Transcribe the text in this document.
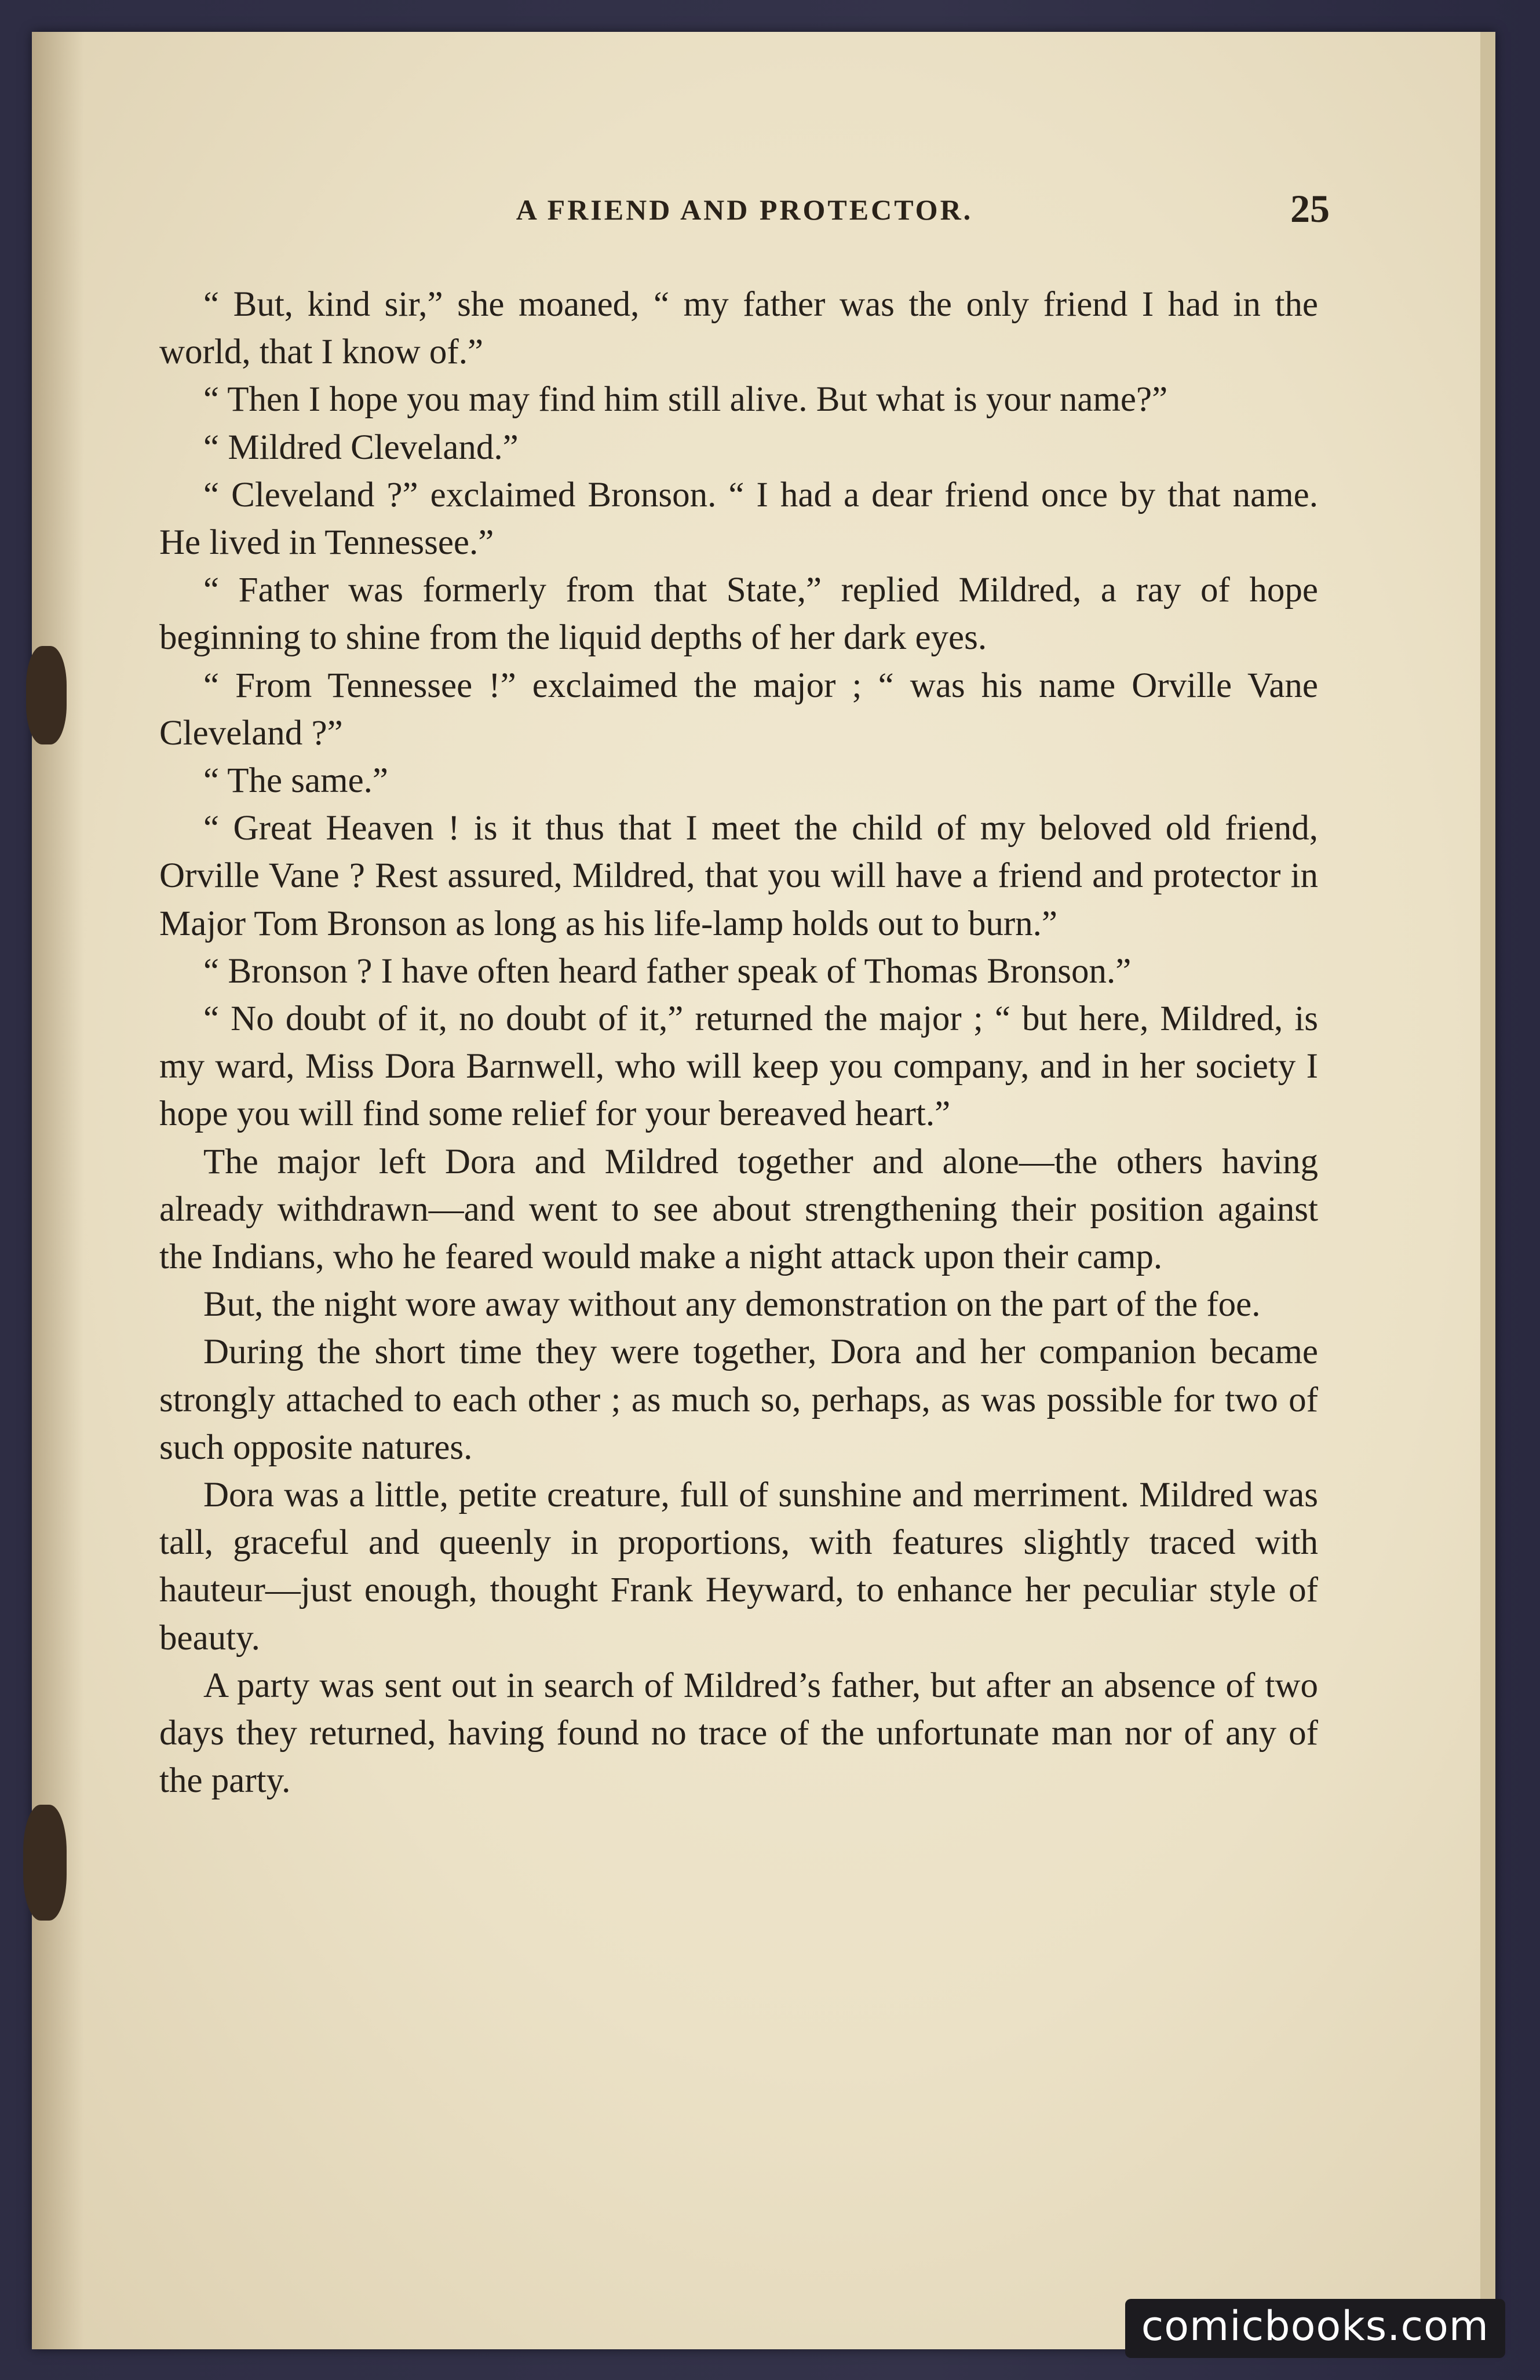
A FRIEND AND PROTECTOR.	25

“ But, kind sir,” she moaned, “ my father was the only friend I had in the world, that I know of.”

“ Then I hope you may find him still alive. But what is your name?”

“ Mildred Cleveland.”

“ Cleveland ?” exclaimed Bronson. “ I had a dear friend once by that name. He lived in Tennessee.”

“ Father was formerly from that State,” replied Mildred, a ray of hope beginning to shine from the liquid depths of her dark eyes.

“ From Tennessee !” exclaimed the major ; “ was his name Orville Vane Cleveland ?”

“ The same.”

“ Great Heaven ! is it thus that I meet the child of my beloved old friend, Orville Vane ? Rest assured, Mildred, that you will have a friend and protector in Major Tom Bronson as long as his life-lamp holds out to burn.”

“ Bronson ? I have often heard father speak of Thomas Bronson.”

“ No doubt of it, no doubt of it,” returned the major ; “ but here, Mildred, is my ward, Miss Dora Barnwell, who will keep you company, and in her society I hope you will find some relief for your bereaved heart.”

The major left Dora and Mildred together and alone—the others having already withdrawn—and went to see about strengthening their position against the Indians, who he feared would make a night attack upon their camp.

But, the night wore away without any demonstration on the part of the foe.

During the short time they were together, Dora and her companion became strongly attached to each other ; as much so, perhaps, as was possible for two of such opposite natures.

Dora was a little, petite creature, full of sunshine and merriment. Mildred was tall, graceful and queenly in proportions, with features slightly traced with hauteur—just enough, thought Frank Heyward, to enhance her peculiar style of beauty.

A party was sent out in search of Mildred’s father, but after an absence of two days they returned, having found no trace of the unfortunate man nor of any of the party.

comicbooks.com
